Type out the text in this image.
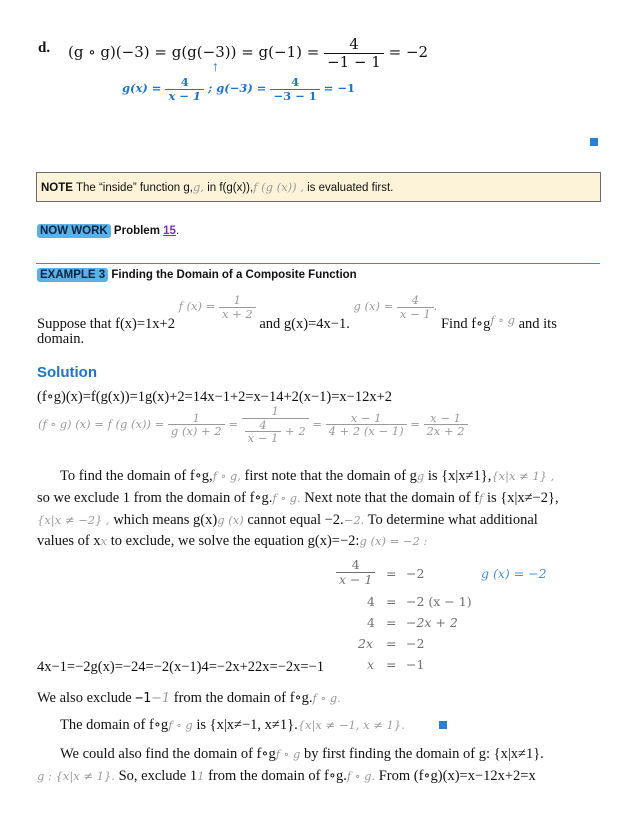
d. (g ∘ $g)(-3) = g(g(-3)) = g(-1) = \frac{4}{-1 - 1} = -2$
↑
$g(x) = \frac{4}{x - 1}$ ; $g(-3) = \frac{4}{-3 - 1} = -1$
NOTE The “inside” function g,g, in f(g(x)),f (g (x)) , is evaluated first.
NOW WORK Problem 15.
EXAMPLE 3 Finding the Domain of a Composite Function
Suppose that f(x)=1x+2 f $(x) = \frac{1}{x + 2}$
and g(x)=4x−1. g $(x) = \frac{4}{x - 1}$ . Find $f\circ g_{f \circ g}$ and its
domain.
Solution
(f∘g)(x)=f(g(x))=1g(x)+2=14x−1+2=x−14+2(x−1)=x−12x+2
(f ∘ g) (x) = f (g $(x)) = \frac{1}{g (x) + 2} = \frac{1}{\frac{4}{x - 1} + 2} = \frac{x - 1}{4 + 2 (x - 1)} = \frac{x - 1}{2x + 2}$
To find the domain of f∘g,f ∘ g, first note that the domain of gg is {x|x≠1},{x|x ≠ 1} ,
so we exclude 1 from the domain of f∘g.f ∘ g. Next note that the domain of ff is {x|x≠−2},
{x|x ≠ −2} , which means g(x)g (x) cannot equal −2.−2. To determine what additional
values of xx to exclude, we solve the equation g(x)=−2:g (x) = −2 :
$\frac{4}{x - 1} = -2$	g (x) = −2
4 = −2 (x − 1)
4 = −2x + 2
2x = −2
4x−1=−2g(x)=−24=−2(x−1)4=−2x+22x=−2x=−1	x = −1
We also exclude −1−1 from the domain of f∘g.f ∘ g.
The domain of f∘gf ∘ g is {x|x≠−1, x≠1}.{x|x ≠ −1, x ≠ 1}.
We could also find the domain of f∘gf ∘ g by first finding the domain of g: {x|x≠1}.
g : {x|x ≠ 1}. So, exclude 11 from the domain of f∘g.f ∘ g. From (f∘g)(x)=x−12x+2=x
